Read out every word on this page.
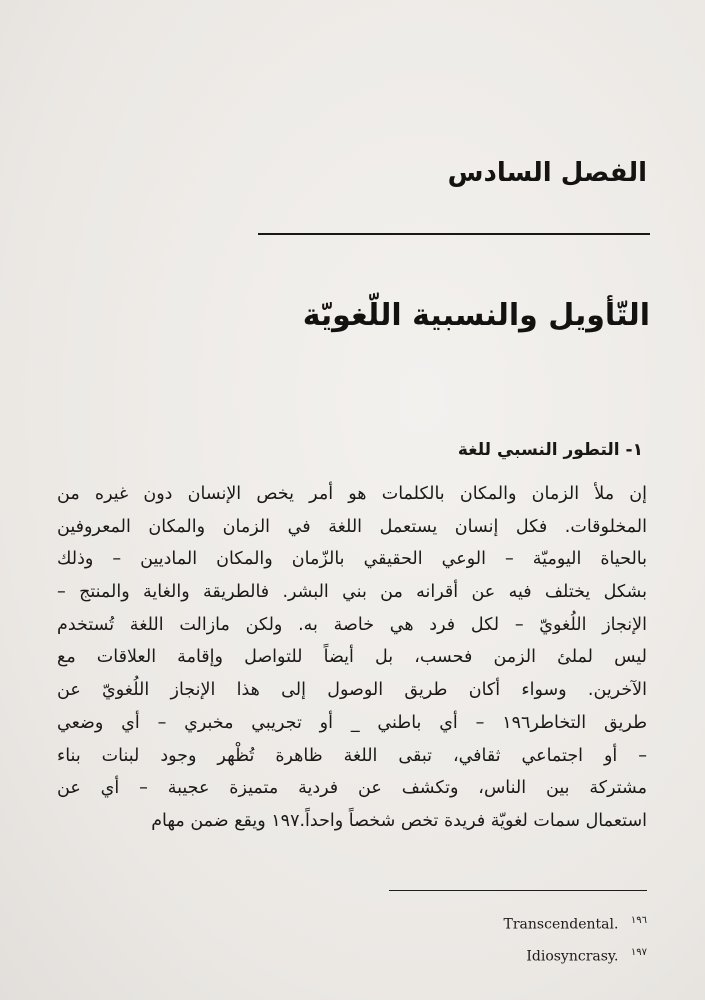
الفصل السادس
التّأويل والنسبية اللّغويّة
١- التطور النسبي للغة
إن ملأ الزمان والمكان بالكلمات هو أمر يخص الإنسان دون غيره من
المخلوقات. فكل إنسان يستعمل اللغة في الزمان والمكان المعروفين
بالحياة اليوميّة – الوعي الحقيقي بالزّمان والمكان الماديين – وذلك
بشكل يختلف فيه عن أقرانه من بني البشر. فالطريقة والغاية والمنتج –
الإنجاز اللُغويّ – لكل فرد هي خاصة به. ولكن مازالت اللغة تُستخدم
ليس لملئ الزمن فحسب، بل أيضاً للتواصل وإقامة العلاقات مع
الآخرين. وسواء أكان طريق الوصول إلى هذا الإنجاز اللُغويّ عن
طريق التخاطر١٩٦ – أي باطني _ أو تجريبي مخبري – أي وضعي
– أو اجتماعي ثقافي، تبقى اللغة ظاهرة تُظْهر وجود لبنات بناء
مشتركة بين الناس، وتكشف عن فردية متميزة عجيبة – أي عن
استعمال سمات لغويّة فريدة تخص شخصاً واحداً.١٩٧ ويقع ضمن مهام
$^{١٩٦}$ Transcendental.
$^{١٩٧}$ Idiosyncrasy.
